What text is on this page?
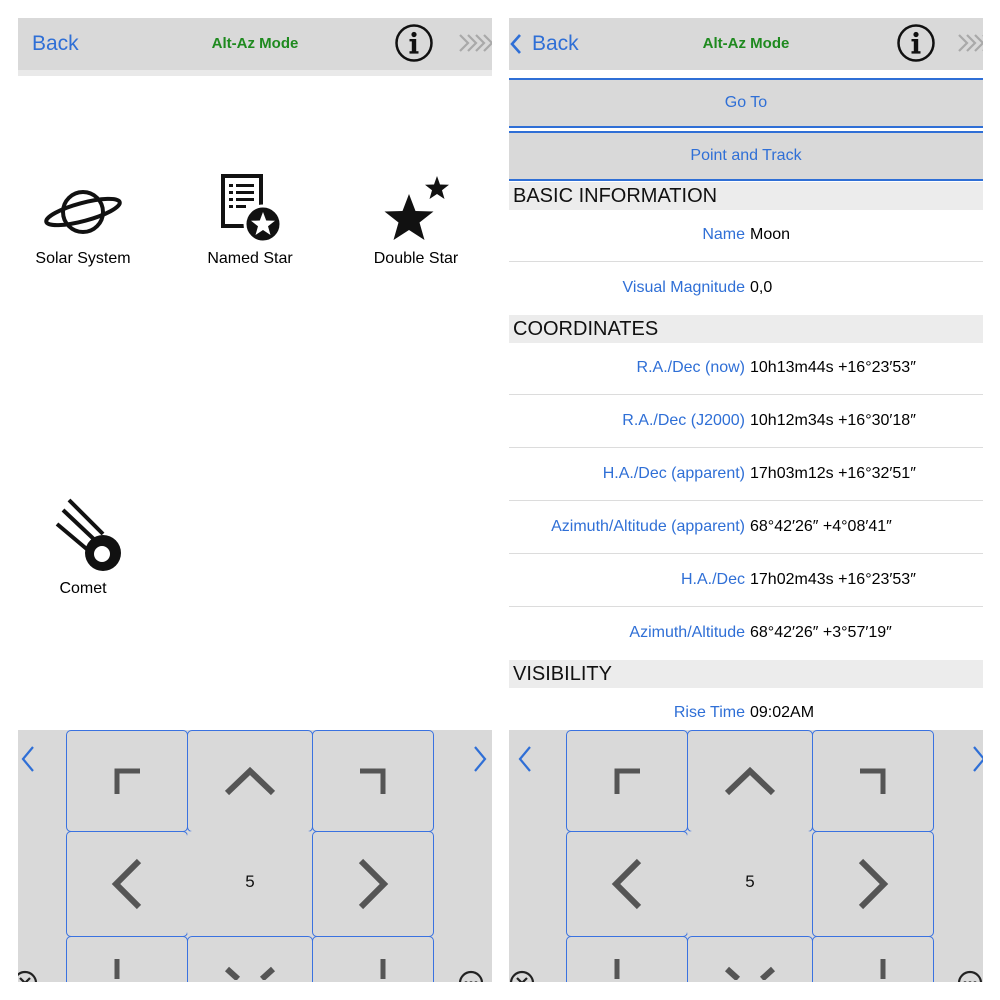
Back	Alt-Az Mode
Solar System	Named Star	Double Star
Comet
5
Back	Alt-Az Mode
Go To
Point and Track
BASIC INFORMATION
Name Moon
Visual Magnitude 0,0
COORDINATES
R.A./Dec (now) 10h13m44s +16°23′53″
R.A./Dec (J2000) 10h12m34s +16°30′18″
H.A./Dec (apparent) 17h03m12s +16°32′51″
Azimuth/Altitude (apparent) 68°42′26″ +4°08′41″
H.A./Dec 17h02m43s +16°23′53″
Azimuth/Altitude 68°42′26″ +3°57′19″
VISIBILITY
Rise Time 09:02AM
5
